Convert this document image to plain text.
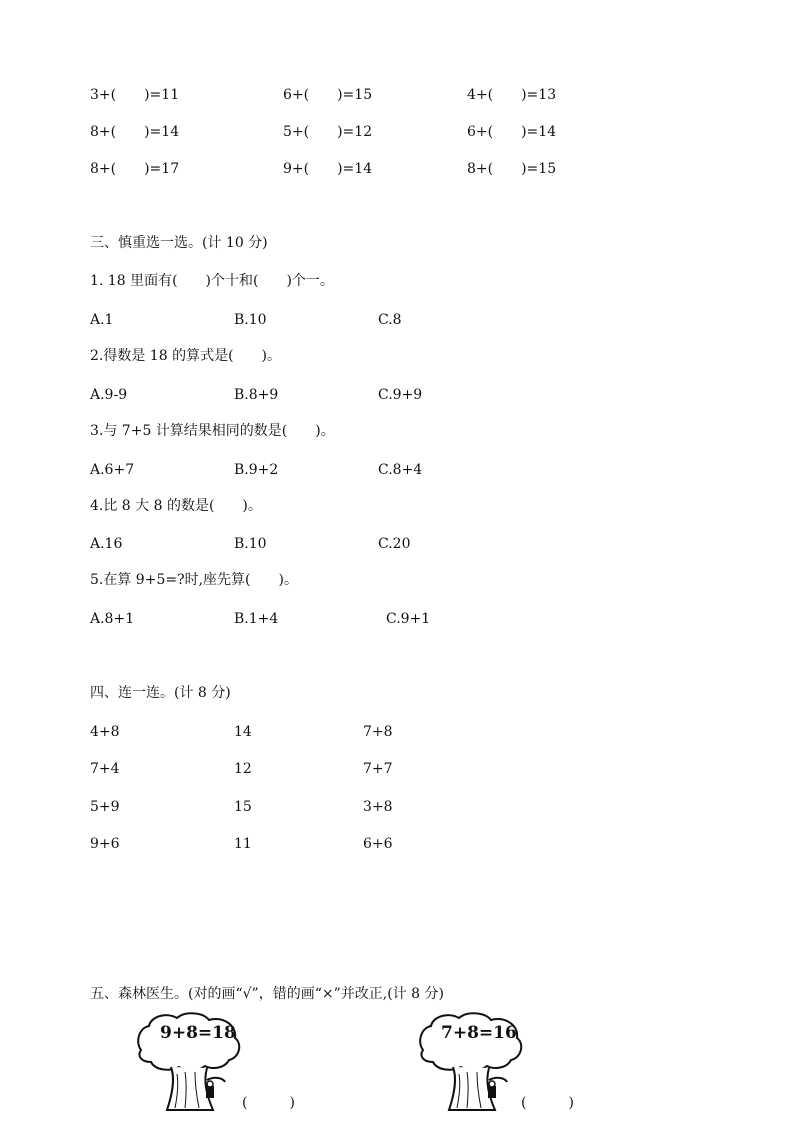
3+(　　)=11	6+(　　)=15	4+(　　)=13
8+(　　)=14	5+(　　)=12	6+(　　)=14
8+(　　)=17	9+(　　)=14	8+(　　)=15
三、慎重选一选。(计 10 分)
1. 18 里面有(　　)个十和(　　)个一。
A.1	B.10	C.8
2.得数是 18 的算式是(　　)。
A.9-9	B.8+9	C.9+9
3.与 7+5 计算结果相同的数是(　　)。
A.6+7	B.9+2	C.8+4
4.比 8 大 8 的数是(　　)。
A.16	B.10	C.20
5.在算 9+5=?时,座先算(　　)。
A.8+1	B.1+4	C.9+1
四、连一连。(计 8 分)
4+8	14	7+8
7+4	12	7+7
5+9	15	3+8
9+6	11	6+6
五、森林医生。(对的画“√”，错的画“×”并改正,(计 8 分)
9+8=18
(　　　)
7+8=16
(　　　)
